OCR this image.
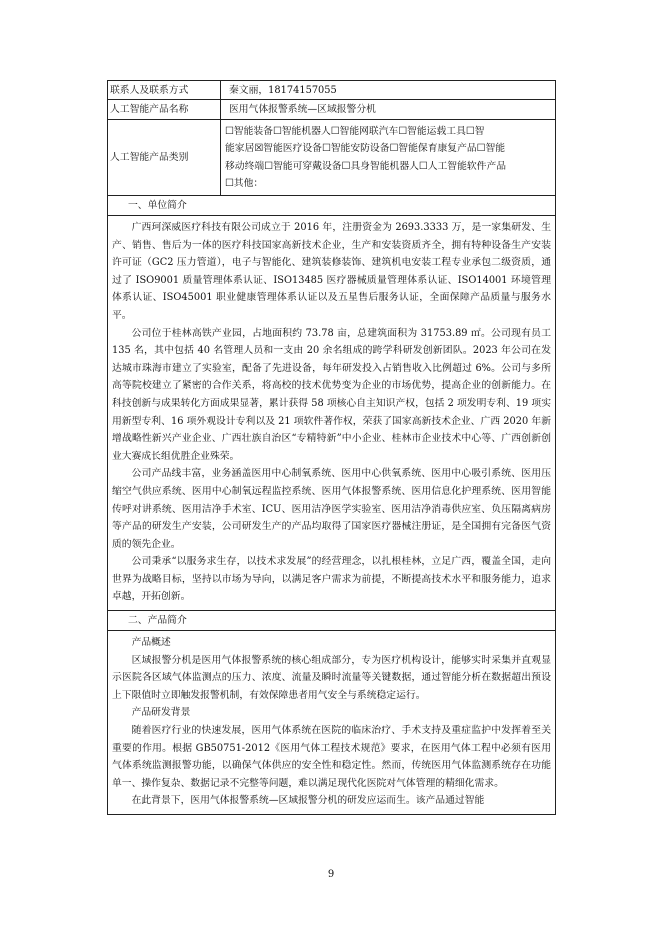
联系人及联系方式	秦文丽，18174157055
人工智能产品名称	医用气体报警系统—区域报警分机
人工智能产品类别	☐智能装备☐智能机器人☐智能网联汽车☐智能运载工具☐智
能家居☒智能医疗设备☐智能安防设备☐智能保育康复产品☐智能
移动终端☐智能可穿戴设备☐具身智能机器人☐人工智能软件产品
☐其他：

一、单位简介	

广西珂深威医疗科技有限公司成立于 2016 年，注册资金为 2693.3333 万，是一家集研发、生产、销售、售后为一体的医疗科技国家高新技术企业，生产和安装资质齐全，拥有特种设备生产安装许可证（GC2 压力管道），电子与智能化、建筑装修装饰、建筑机电安装工程专业承包二级资质，通过了 ISO9001 质量管理体系认证、ISO13485 医疗器械质量管理体系认证、ISO14001 环境管理体系认证、ISO45001 职业健康管理体系认证以及五星售后服务认证，全面保障产品质量与服务水平。

公司位于桂林高铁产业园，占地面积约 73.78 亩，总建筑面积为 31753.89 ㎡。公司现有员工 135 名，其中包括 40 名管理人员和一支由 20 余名组成的跨学科研发创新团队。2023 年公司在发达城市珠海市建立了实验室，配备了先进设备，每年研发投入占销售收入比例超过 6%。公司与多所高等院校建立了紧密的合作关系，将高校的技术优势变为企业的市场优势，提高企业的创新能力。在科技创新与成果转化方面成果显著，累计获得 58 项核心自主知识产权，包括 2 项发明专利、19 项实用新型专利、16 项外观设计专利以及 21 项软件著作权，荣获了国家高新技术企业、广西 2020 年新增战略性新兴产业企业、广西壮族自治区“专精特新”中小企业、桂林市企业技术中心等、广西创新创业大赛成长组优胜企业殊荣。

公司产品线丰富，业务涵盖医用中心制氧系统、医用中心供氧系统、医用中心吸引系统、医用压缩空气供应系统、医用中心制氧远程监控系统、医用气体报警系统、医用信息化护理系统、医用智能传呼对讲系统、医用洁净手术室、ICU、医用洁净医学实验室、医用洁净消毒供应室、负压隔离病房等产品的研发生产安装，公司研发生产的产品均取得了国家医疗器械注册证，是全国拥有完备医气资质的领先企业。

公司秉承“以服务求生存，以技术求发展”的经营理念，以扎根桂林，立足广西，覆盖全国，走向世界为战略目标，坚持以市场为导向，以满足客户需求为前提，不断提高技术水平和服务能力，追求卓越，开拓创新。	

二、产品简介	

产品概述

区域报警分机是医用气体报警系统的核心组成部分，专为医疗机构设计，能够实时采集并直观显示医院各区域气体监测点的压力、浓度、流量及瞬时流量等关键数据，通过智能分析在数据超出预设上下限值时立即触发报警机制，有效保障患者用气安全与系统稳定运行。

产品研发背景

随着医疗行业的快速发展，医用气体系统在医院的临床治疗、手术支持及重症监护中发挥着至关重要的作用。根据 GB50751-2012《医用气体工程技术规范》要求，在医用气体工程中必须有医用气体系统监测报警功能，以确保气体供应的安全性和稳定性。然而，传统医用气体监测系统存在功能单一、操作复杂、数据记录不完整等问题，难以满足现代化医院对气体管理的精细化需求。

在此背景下，医用气体报警系统—区域报警分机的研发应运而生。该产品通过智能	

9
